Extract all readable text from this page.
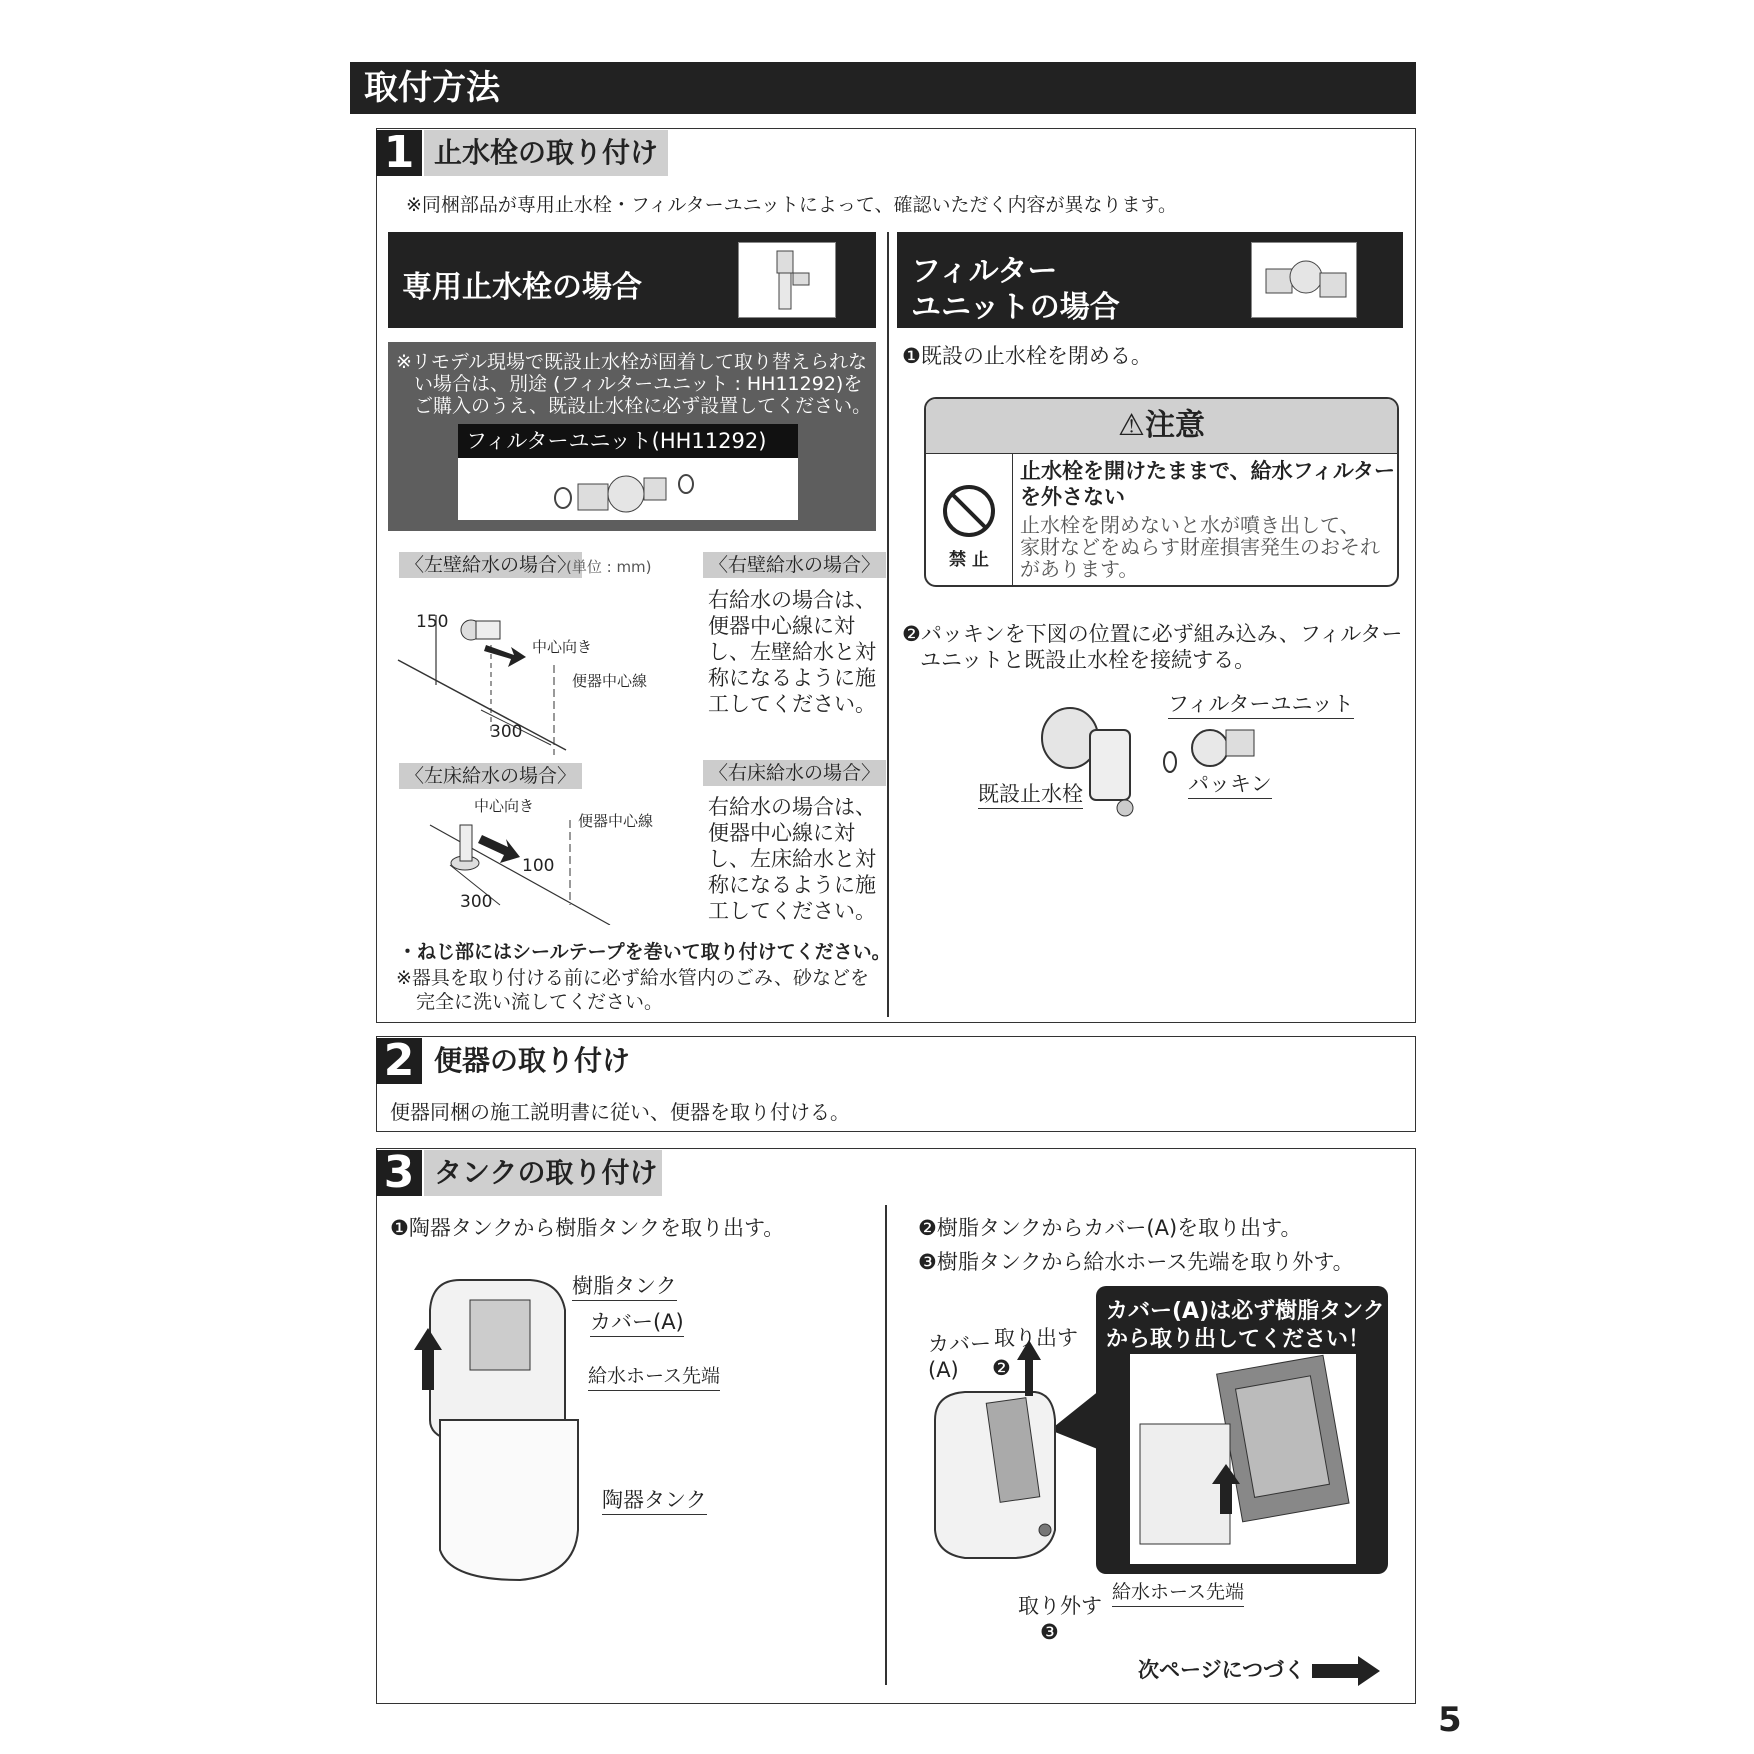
取付方法
1 止水栓の取り付け
※同梱部品が専用止水栓・フィルターユニットによって、確認いただく内容が異なります。
専用止水栓の場合
※リモデル現場で既設止水栓が固着して取り替えられな
い場合は、別途 (フィルターユニット : HH11292)を
ご購入のうえ、既設止水栓に必ず設置してください。
フィルターユニット(HH11292)
〈左壁給水の場合〉
(単位 : mm)
150
中心向き
便器中心線
300
〈右壁給水の場合〉
右給水の場合は、
便器中心線に対
し、左壁給水と対
称になるように施
工してください。
〈左床給水の場合〉
中心向き
便器中心線
100
300
〈右床給水の場合〉
右給水の場合は、
便器中心線に対
し、左床給水と対
称になるように施
工してください。
・ねじ部にはシールテープを巻いて取り付けてください。
※器具を取り付ける前に必ず給水管内のごみ、砂などを
完全に洗い流してください。
フィルター
ユニットの場合
❶既設の止水栓を閉める。
⚠注意
禁 止
止水栓を開けたままで、給水フィルター
を外さない
止水栓を閉めないと水が噴き出して、
家財などをぬらす財産損害発生のおそれ
があります。
❷パッキンを下図の位置に必ず組み込み、フィルター
ユニットと既設止水栓を接続する。
フィルターユニット
既設止水栓	パッキン
2 便器の取り付け
便器同梱の施工説明書に従い、便器を取り付ける。
3 タンクの取り付け
❶陶器タンクから樹脂タンクを取り出す。
樹脂タンク
カバー(A)
給水ホース先端
陶器タンク
❷樹脂タンクからカバー(A)を取り出す。
❸樹脂タンクから給水ホース先端を取り外す。
カバー(A)は必ず樹脂タンク
から取り出してください！
カバー
(A)
取り出す
❷
取り外す
❸
給水ホース先端
次ページにつづく
5
